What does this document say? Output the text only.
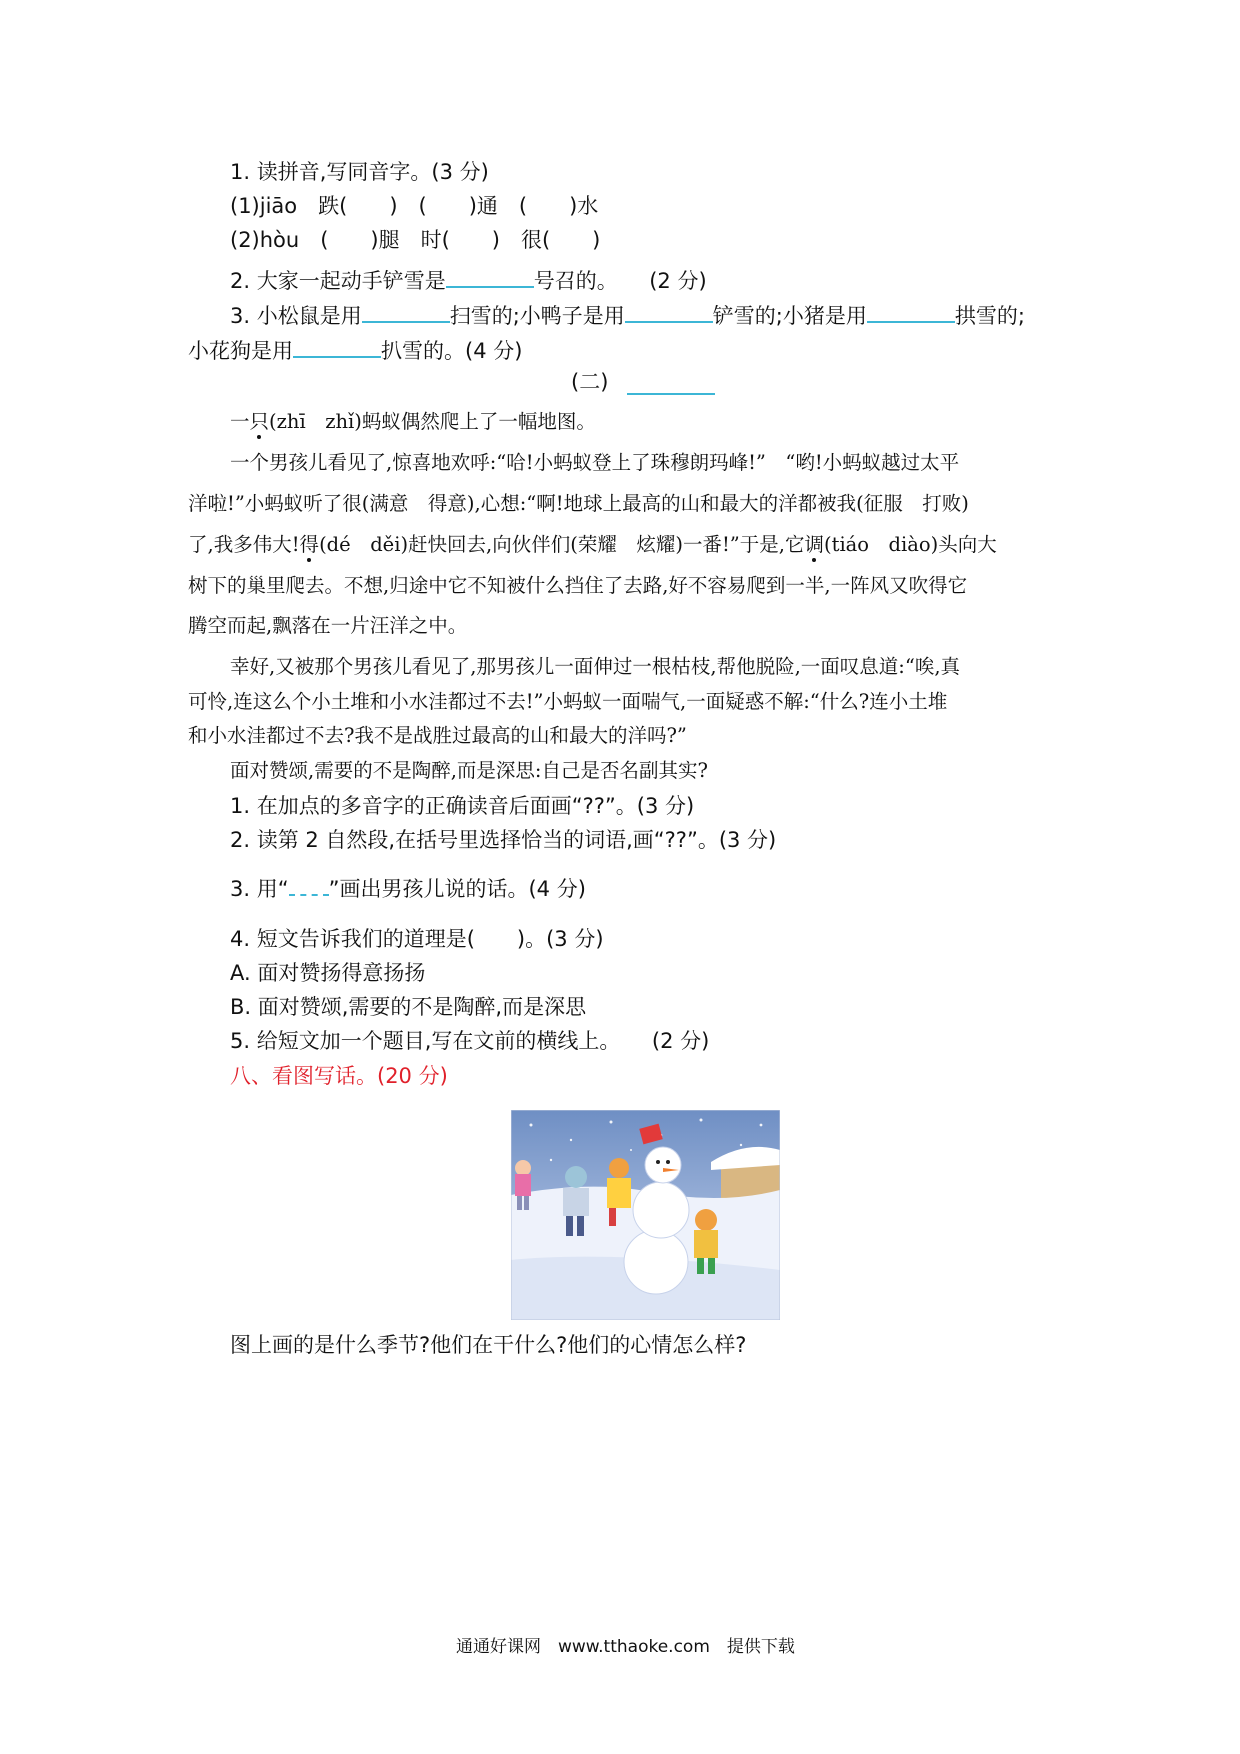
1. 读拼音,写同音字。(3 分)
(1)jiāo　跌(　　)　(　　)通　(　　)水
(2)hòu　(　　)腿　时(　　)　很(　　)
2. 大家一起动手铲雪是	号召的。　　(2 分)
3. 小松鼠是用	扫雪的;小鸭子是用	铲雪的;小猪是用	拱雪的;
小花狗是用	扒雪的。(4 分)
(二)
一只(zhī　zhǐ)蚂蚁偶然爬上了一幅地图。
一个男孩儿看见了,惊喜地欢呼:“哈!小蚂蚁登上了珠穆朗玛峰!”　“哟!小蚂蚁越过太平
洋啦!”小蚂蚁听了很(满意　得意),心想:“啊!地球上最高的山和最大的洋都被我(征服　打败)
了,我多伟大!得(dé　děi)赶快回去,向伙伴们(荣耀　炫耀)一番!”于是,它调(tiáo　diào)头向大
树下的巢里爬去。不想,归途中它不知被什么挡住了去路,好不容易爬到一半,一阵风又吹得它
腾空而起,飘落在一片汪洋之中。
幸好,又被那个男孩儿看见了,那男孩儿一面伸过一根枯枝,帮他脱险,一面叹息道:“唉,真
可怜,连这么个小土堆和小水洼都过不去!”小蚂蚁一面喘气,一面疑惑不解:“什么?连小土堆
和小水洼都过不去?我不是战胜过最高的山和最大的洋吗?”
面对赞颂,需要的不是陶醉,而是深思:自己是否名副其实?
1. 在加点的多音字的正确读音后面画“??”。(3 分)
2. 读第 2 自然段,在括号里选择恰当的词语,画“??”。(3 分)
3. 用“ ”画出男孩儿说的话。(4 分)
4. 短文告诉我们的道理是(　　)。(3 分)
A. 面对赞扬得意扬扬
B. 面对赞颂,需要的不是陶醉,而是深思
5. 给短文加一个题目,写在文前的横线上。　　(2 分)
八、看图写话。(20 分)
图上画的是什么季节?他们在干什么?他们的心情怎么样?
通通好课网　www.tthaoke.com　提供下载
